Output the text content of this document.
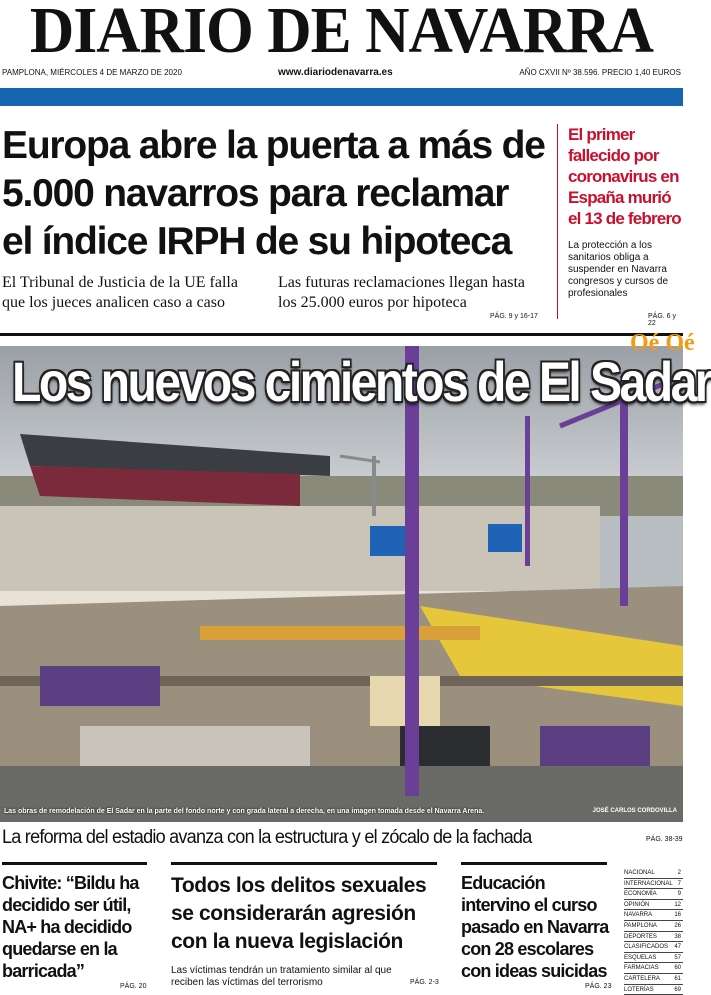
DIARIO DE NAVARRA
PAMPLONA, MIÉRCOLES 4 DE MARZO DE 2020	www.diariodenavarra.es	AÑO CXVII Nº 38.596. PRECIO 1,40 EUROS
Europa abre la puerta a más de 5.000 navarros para reclamar el índice IRPH de su hipoteca

El Tribunal de Justicia de la UE falla que los jueces analicen caso a caso

Las futuras reclamaciones llegan hasta los 25.000 euros por hipoteca

PÁG. 9 y 16-17
El primer fallecido por coronavirus en España murió el 13 de febrero

La protección a los sanitarios obliga a suspender en Navarra congresos y cursos de profesionales

PÁG. 6 y 22
Oé Oé
Los nuevos cimientos de El Sadar
Las obras de remodelación de El Sadar en la parte del fondo norte y con grada lateral a derecha, en una imagen tomada desde el Navarra Arena.	JOSÉ CARLOS CORDOVILLA
La reforma del estadio avanza con la estructura y el zócalo de la fachada	PÁG. 38-39
Chivite: “Bildu ha decidido ser útil, NA+ ha decidido quedarse en la barricada”
PÁG. 20
Todos los delitos sexuales se considerarán agresión con la nueva legislación

Las víctimas tendrán un tratamiento similar al que reciben las víctimas del terrorismo	PÁG. 2-3
Educación intervino el curso pasado en Navarra con 28 escolares con ideas suicidas
PÁG. 23
NACIONAL	2
INTERNACIONAL 7
ECONOMÍA	9
OPINIÓN	12
NAVARRA	16
PAMPLONA	26
DEPORTES	38
CLASIFICADOS 47
ESQUELAS	57
FARMACIAS	60
CARTELERA 61
LOTERÍAS	69
